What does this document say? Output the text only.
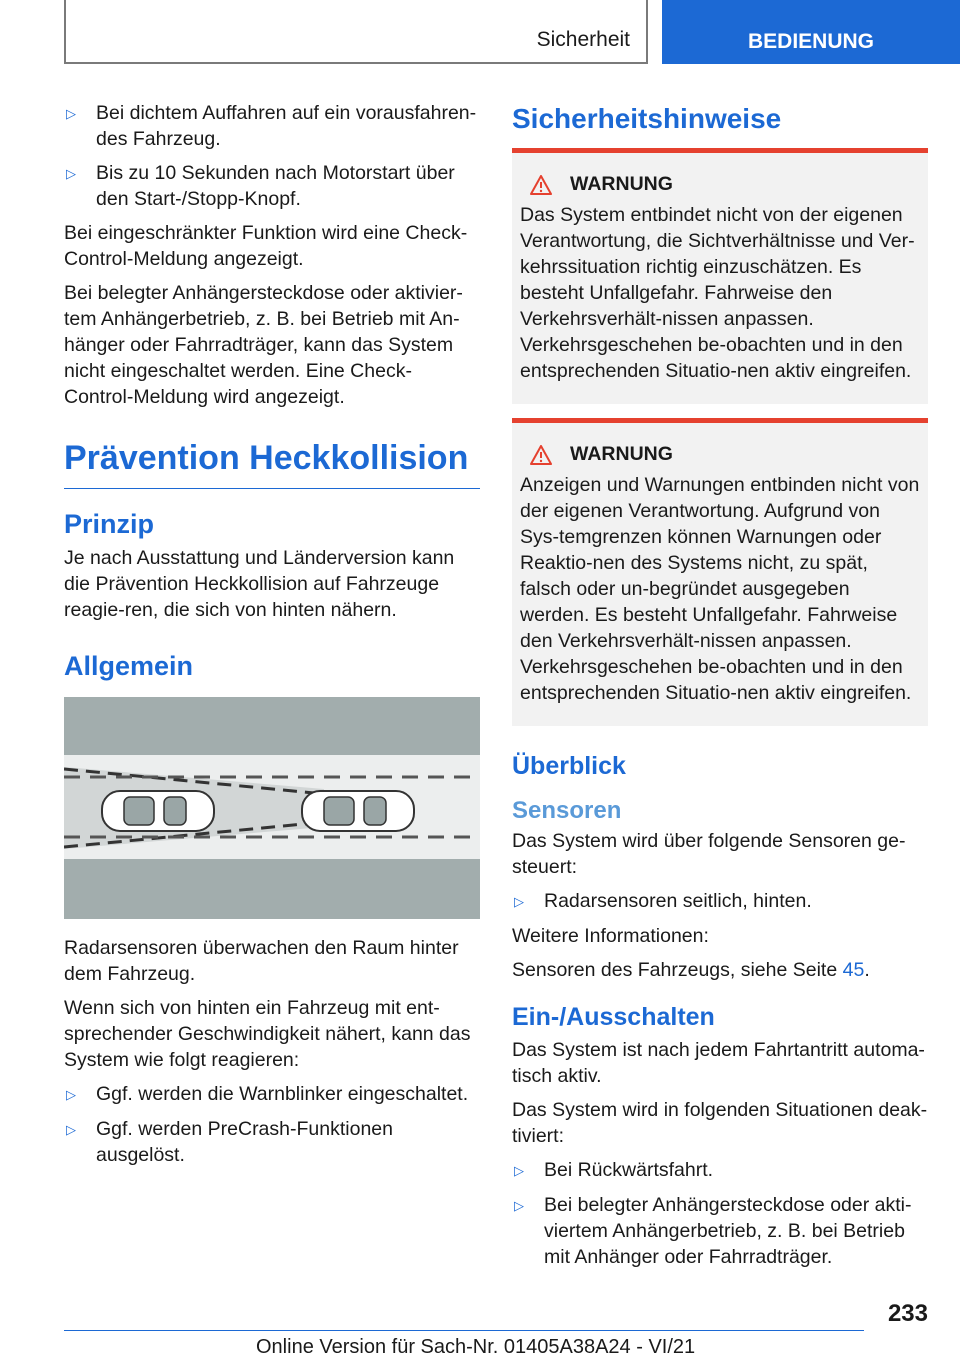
Sicherheit	BEDIENUNG
▷	Bei dichtem Auffahren auf ein vorausfahren-des Fahrzeug.
▷	Bis zu 10 Sekunden nach Motorstart über den Start-/Stopp-Knopf.

Bei eingeschränkter Funktion wird eine Check-Control-Meldung angezeigt.

Bei belegter Anhängersteckdose oder aktivier-tem Anhängerbetrieb, z. B. bei Betrieb mit An-hänger oder Fahrradträger, kann das System nicht eingeschaltet werden. Eine Check-Control-Meldung wird angezeigt.

Prävention Heckkollision
Prinzip

Je nach Ausstattung und Länderversion kann die Prävention Heckkollision auf Fahrzeuge reagie-ren, die sich von hinten nähern.

Allgemein

Radarsensoren überwachen den Raum hinter dem Fahrzeug.

Wenn sich von hinten ein Fahrzeug mit ent-sprechender Geschwindigkeit nähert, kann das System wie folgt reagieren:

▷	Ggf. werden die Warnblinker eingeschaltet.
▷	Ggf. werden PreCrash-Funktionen ausgelöst.
Sicherheitshinweise
WARNUNG

Das System entbindet nicht von der eigenen Verantwortung, die Sichtverhältnisse und Ver-kehrssituation richtig einzuschätzen. Es besteht Unfallgefahr. Fahrweise den Verkehrsverhält-nissen anpassen. Verkehrsgeschehen be-obachten und in den entsprechenden Situatio-nen aktiv eingreifen.

WARNUNG

Anzeigen und Warnungen entbinden nicht von der eigenen Verantwortung. Aufgrund von Sys-temgrenzen können Warnungen oder Reaktio-nen des Systems nicht, zu spät, falsch oder un-begründet ausgegeben werden. Es besteht Unfallgefahr. Fahrweise den Verkehrsverhält-nissen anpassen. Verkehrsgeschehen be-obachten und in den entsprechenden Situatio-nen aktiv eingreifen.

Überblick
Sensoren

Das System wird über folgende Sensoren ge-steuert:

▷	Radarsensoren seitlich, hinten.

Weitere Informationen:

Sensoren des Fahrzeugs, siehe Seite 45.

Ein-/Ausschalten

Das System ist nach jedem Fahrtantritt automa-tisch aktiv.

Das System wird in folgenden Situationen deak-tiviert:

▷	Bei Rückwärtsfahrt.
▷	Bei belegter Anhängersteckdose oder akti-viertem Anhängerbetrieb, z. B. bei Betrieb mit Anhänger oder Fahrradträger.
233
Online Version für Sach-Nr. 01405A38A24 - VI/21
